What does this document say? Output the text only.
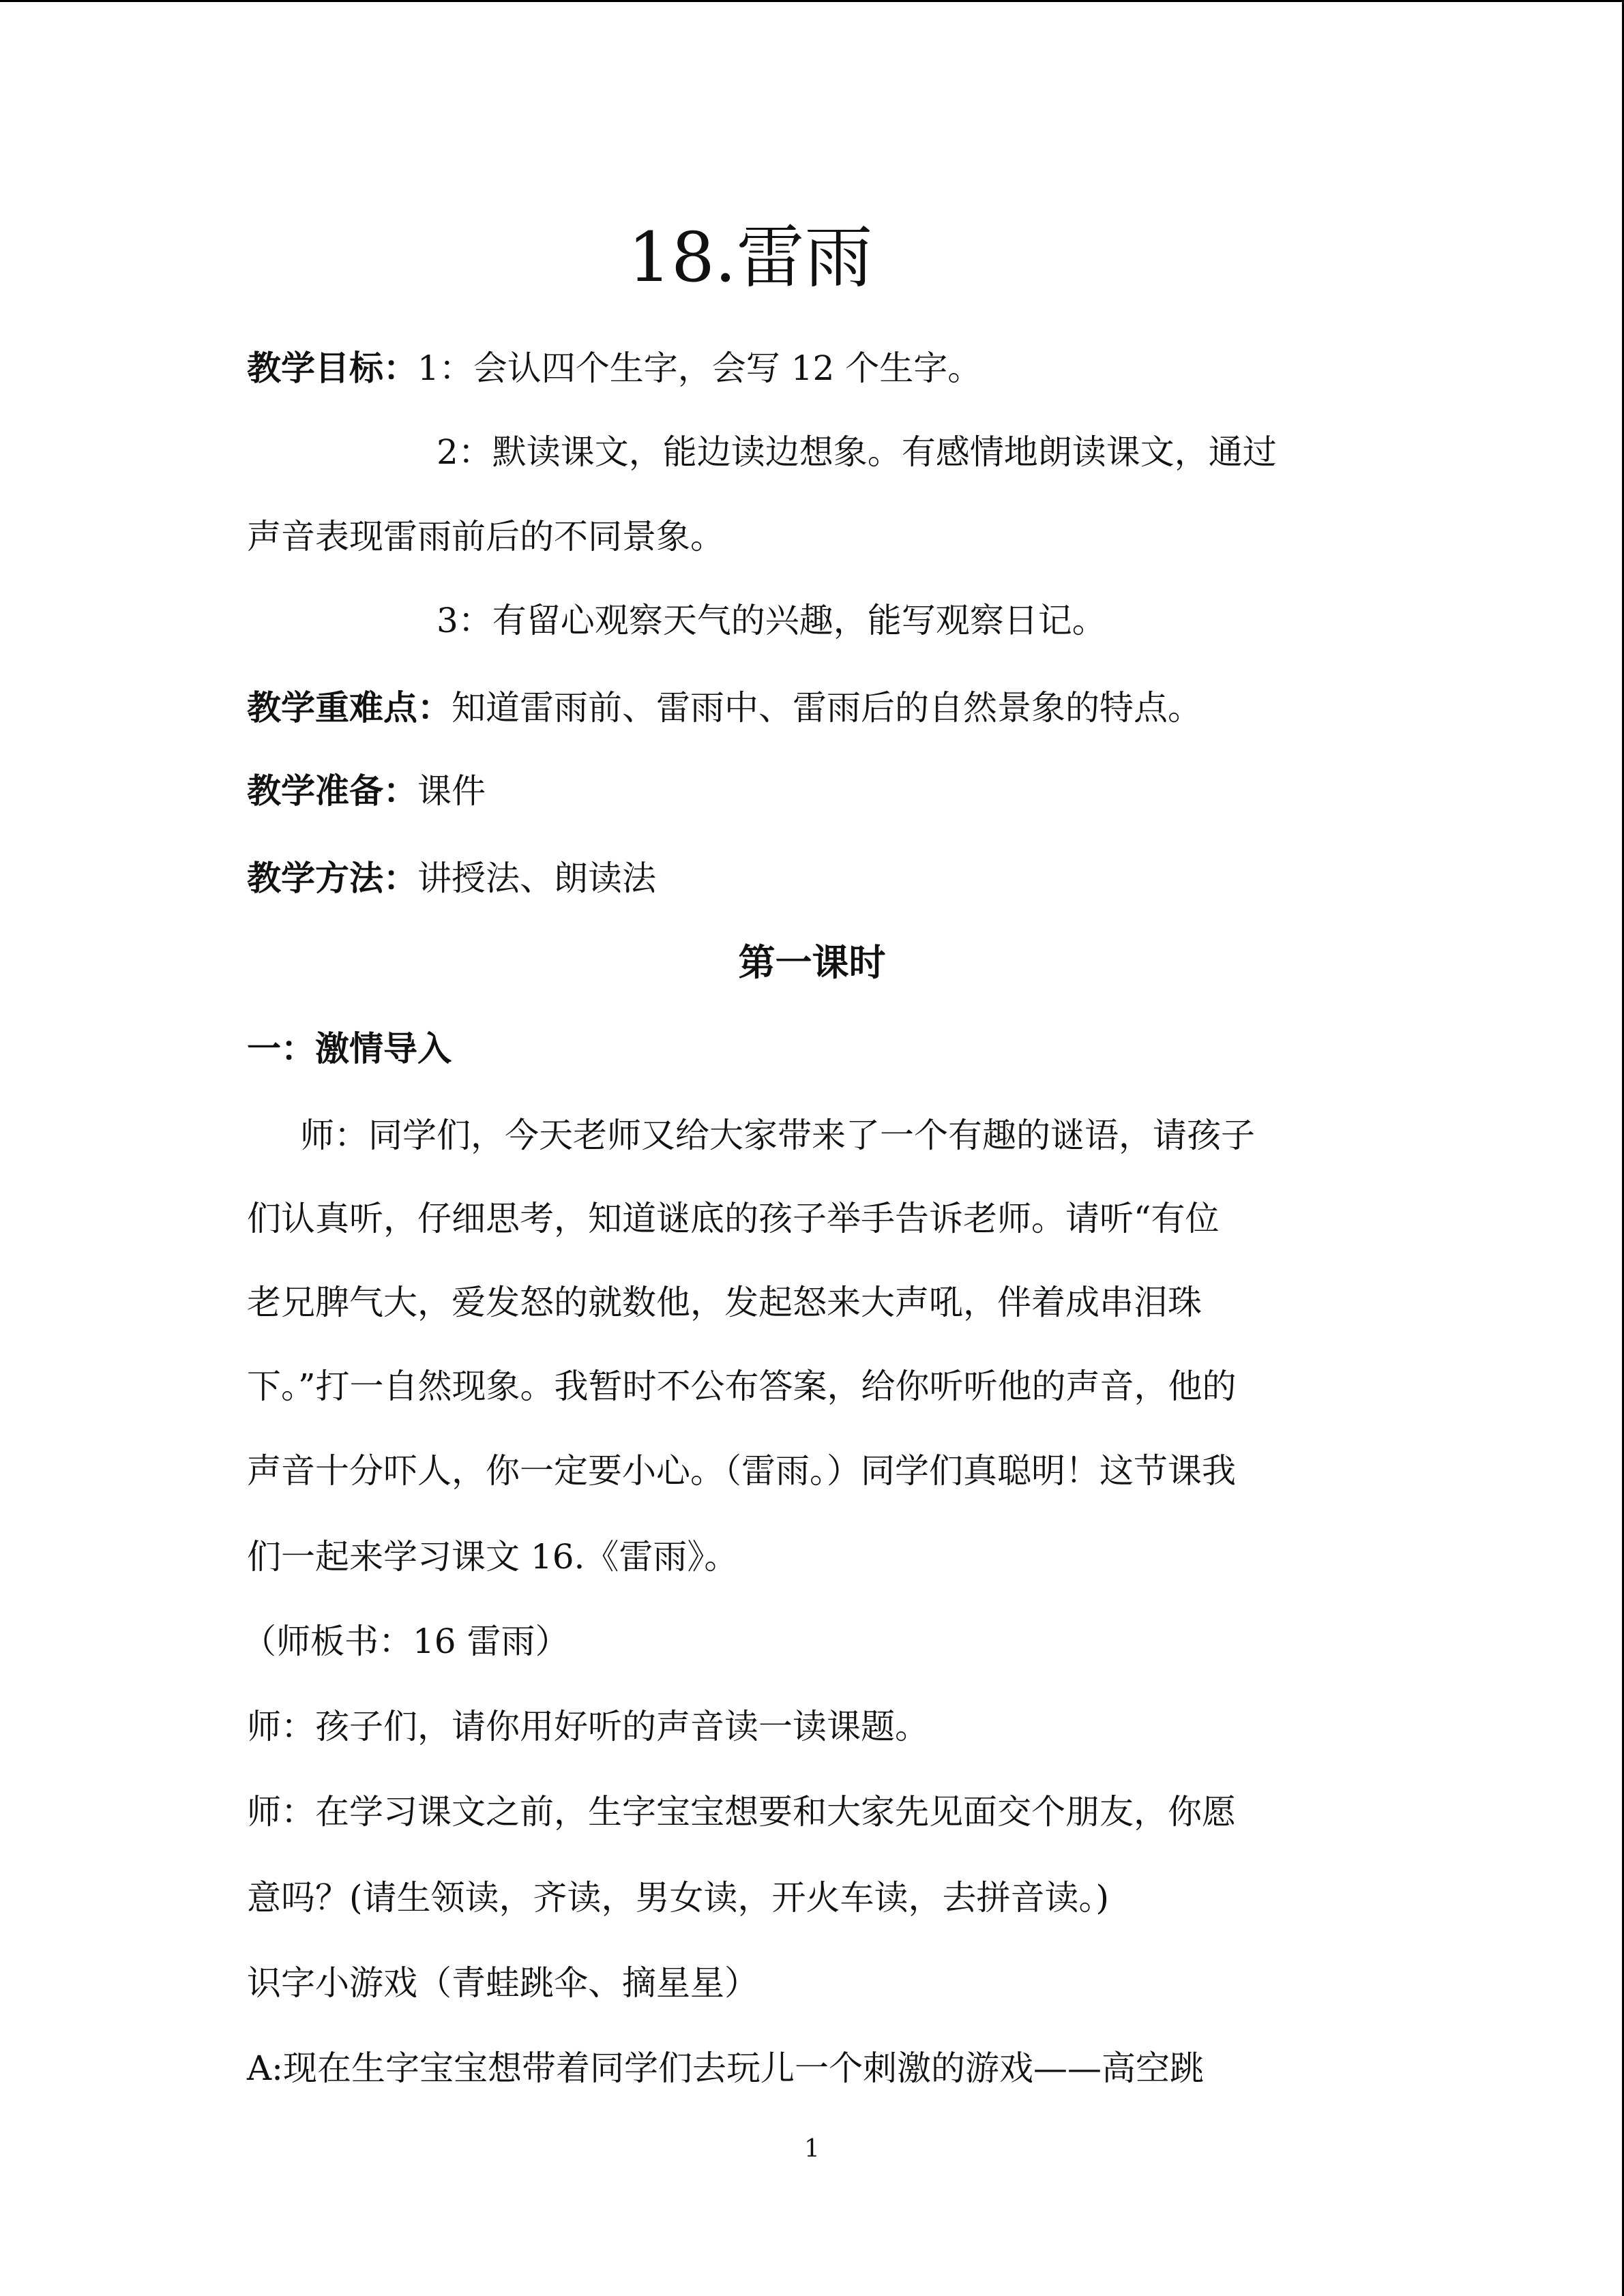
18.雷雨
教学目标：1：会认四个生字，会写 12 个生字。
2：默读课文，能边读边想象。有感情地朗读课文，通过
声音表现雷雨前后的不同景象。
3：有留心观察天气的兴趣，能写观察日记。
教学重难点：知道雷雨前、雷雨中、雷雨后的自然景象的特点。
教学准备：课件
教学方法：讲授法、朗读法
第一课时
一：激情导入
师：同学们，今天老师又给大家带来了一个有趣的谜语，请孩子
们认真听，仔细思考，知道谜底的孩子举手告诉老师。请听“有位
老兄脾气大，爱发怒的就数他，发起怒来大声吼，伴着成串泪珠
下。”打一自然现象。我暂时不公布答案，给你听听他的声音，他的
声音十分吓人，你一定要小心。（雷雨。）同学们真聪明！这节课我
们一起来学习课文 16.《雷雨》。
（师板书：16 雷雨）
师：孩子们，请你用好听的声音读一读课题。
师：在学习课文之前，生字宝宝想要和大家先见面交个朋友，你愿
意吗？(请生领读，齐读，男女读，开火车读，去拼音读。)
识字小游戏（青蛙跳伞、摘星星）
A:现在生字宝宝想带着同学们去玩儿一个刺激的游戏——高空跳
1
